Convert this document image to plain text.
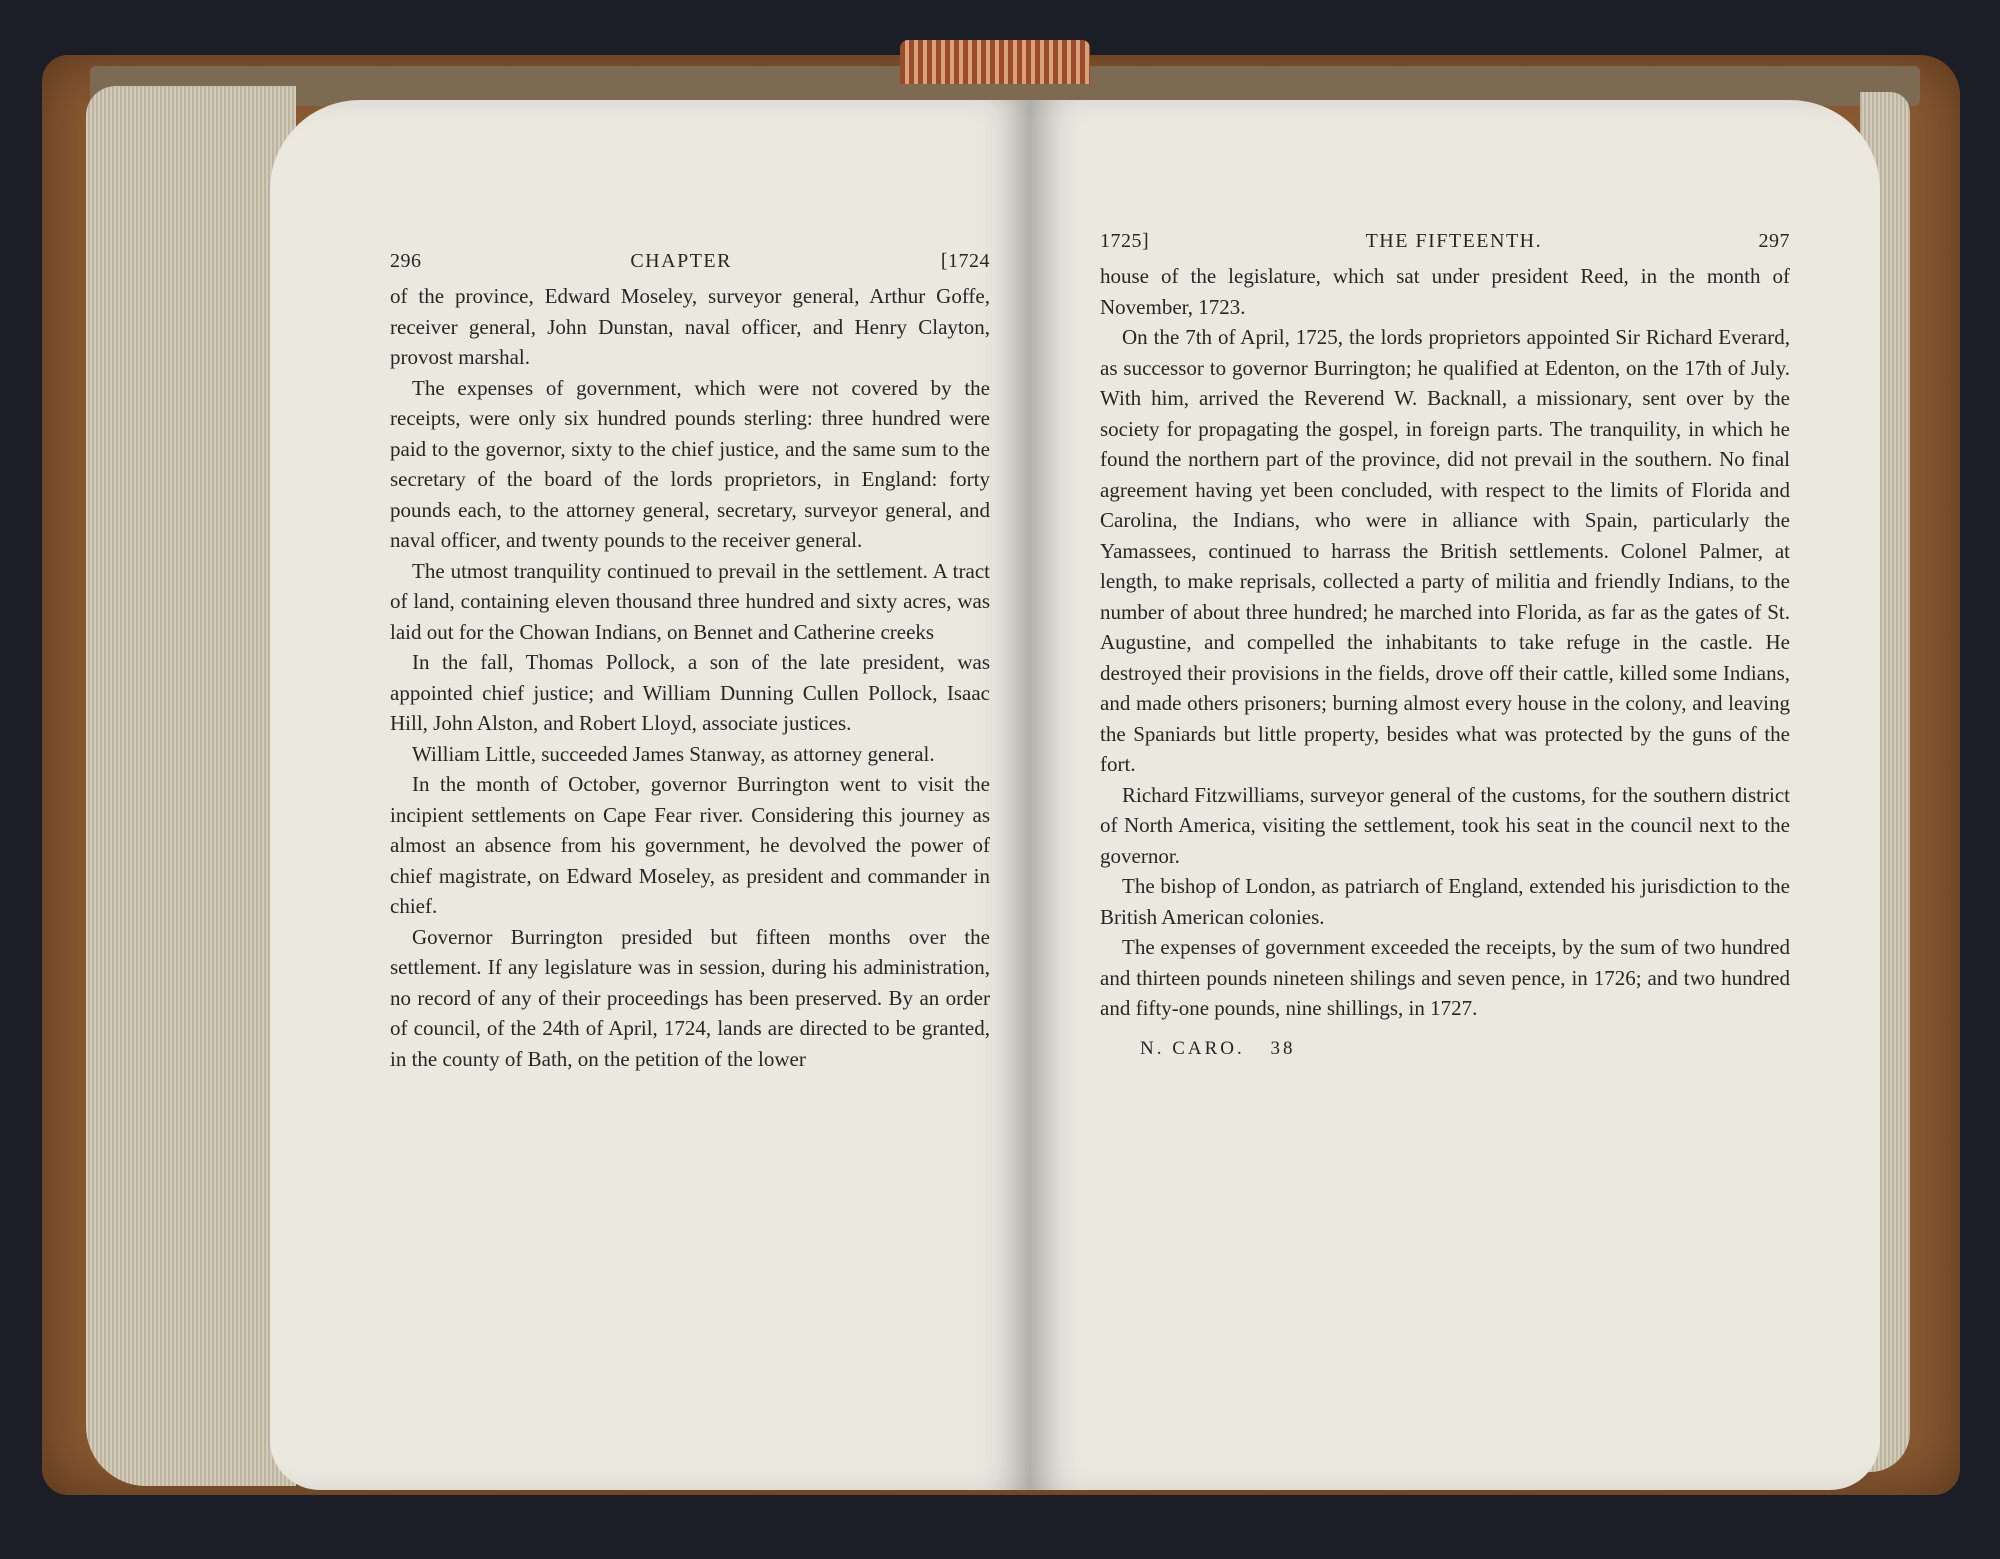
296	CHAPTER	[1724

of the province, Edward Moseley, surveyor general, Arthur Goffe, receiver general, John Dunstan, naval officer, and Henry Clayton, provost marshal.

The expenses of government, which were not covered by the receipts, were only six hundred pounds sterling: three hundred were paid to the governor, sixty to the chief justice, and the same sum to the secretary of the board of the lords proprietors, in England: forty pounds each, to the attorney general, secretary, surveyor general, and naval officer, and twenty pounds to the receiver general.

The utmost tranquility continued to prevail in the settlement. A tract of land, containing eleven thousand three hundred and sixty acres, was laid out for the Chowan Indians, on Bennet and Catherine creeks

In the fall, Thomas Pollock, a son of the late president, was appointed chief justice; and William Dunning Cullen Pollock, Isaac Hill, John Alston, and Robert Lloyd, associate justices.

William Little, succeeded James Stanway, as attorney general.

In the month of October, governor Burrington went to visit the incipient settlements on Cape Fear river. Considering this journey as almost an absence from his government, he devolved the power of chief magistrate, on Edward Moseley, as president and commander in chief.

Governor Burrington presided but fifteen months over the settlement. If any legislature was in session, during his administration, no record of any of their proceedings has been preserved. By an order of council, of the 24th of April, 1724, lands are directed to be granted, in the county of Bath, on the petition of the lower

1725]	THE FIFTEENTH.	297

house of the legislature, which sat under president Reed, in the month of November, 1723.

On the 7th of April, 1725, the lords proprietors appointed Sir Richard Everard, as successor to governor Burrington; he qualified at Edenton, on the 17th of July. With him, arrived the Reverend W. Backnall, a missionary, sent over by the society for propagating the gospel, in foreign parts. The tranquility, in which he found the northern part of the province, did not prevail in the southern. No final agreement having yet been concluded, with respect to the limits of Florida and Carolina, the Indians, who were in alliance with Spain, particularly the Yamassees, continued to harrass the British settlements. Colonel Palmer, at length, to make reprisals, collected a party of militia and friendly Indians, to the number of about three hundred; he marched into Florida, as far as the gates of St. Augustine, and compelled the inhabitants to take refuge in the castle. He destroyed their provisions in the fields, drove off their cattle, killed some Indians, and made others prisoners; burning almost every house in the colony, and leaving the Spaniards but little property, besides what was protected by the guns of the fort.

Richard Fitzwilliams, surveyor general of the customs, for the southern district of North America, visiting the settlement, took his seat in the council next to the governor.

The bishop of London, as patriarch of England, extended his jurisdiction to the British American colonies.

The expenses of government exceeded the receipts, by the sum of two hundred and thirteen pounds nineteen shilings and seven pence, in 1726; and two hundred and fifty-one pounds, nine shillings, in 1727.

N. CARO. 38
